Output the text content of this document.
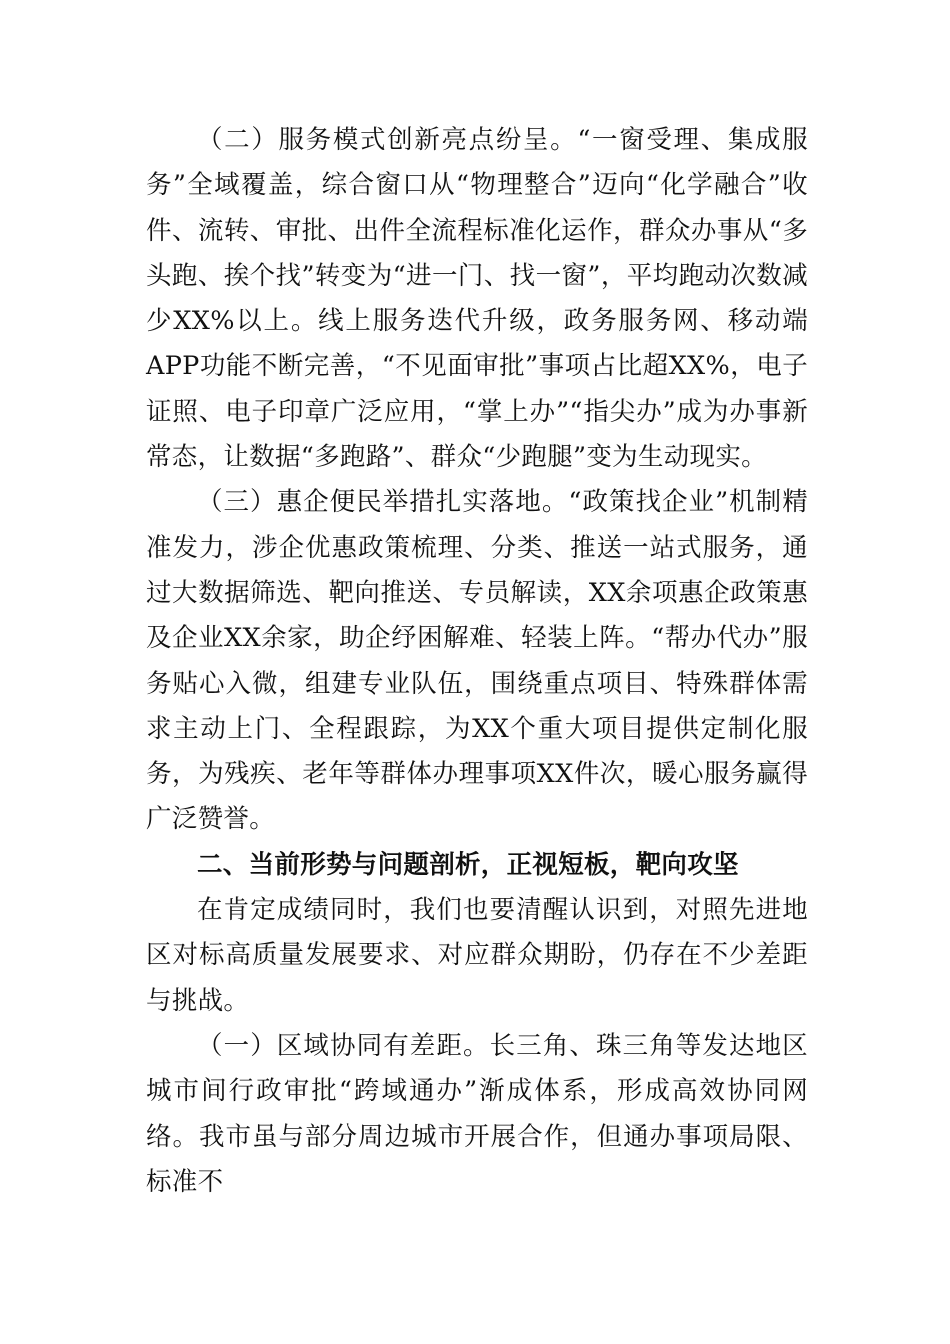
（二）服务模式创新亮点纷呈。“一窗受理、集成服务”全域覆盖，综合窗口从“物理整合”迈向“化学融合”收件、流转、审批、出件全流程标准化运作，群众办事从“多头跑、挨个找”转变为“进一门、找一窗”，平均跑动次数减少XX%以上。线上服务迭代升级，政务服务网、移动端APP功能不断完善，“不见面审批”事项占比超XX%，电子证照、电子印章广泛应用，“掌上办”“指尖办”成为办事新常态，让数据“多跑路”、群众“少跑腿”变为生动现实。

（三）惠企便民举措扎实落地。“政策找企业”机制精准发力，涉企优惠政策梳理、分类、推送一站式服务，通过大数据筛选、靶向推送、专员解读，XX余项惠企政策惠及企业XX余家，助企纾困解难、轻装上阵。“帮办代办”服务贴心入微，组建专业队伍，围绕重点项目、特殊群体需求主动上门、全程跟踪，为XX个重大项目提供定制化服务，为残疾、老年等群体办理事项XX件次，暖心服务赢得广泛赞誉。

二、当前形势与问题剖析，正视短板，靶向攻坚

在肯定成绩同时，我们也要清醒认识到，对照先进地区对标高质量发展要求、对应群众期盼，仍存在不少差距与挑战。

（一）区域协同有差距。长三角、珠三角等发达地区城市间行政审批“跨域通办”渐成体系，形成高效协同网络。我市虽与部分周边城市开展合作，但通办事项局限、标准不
